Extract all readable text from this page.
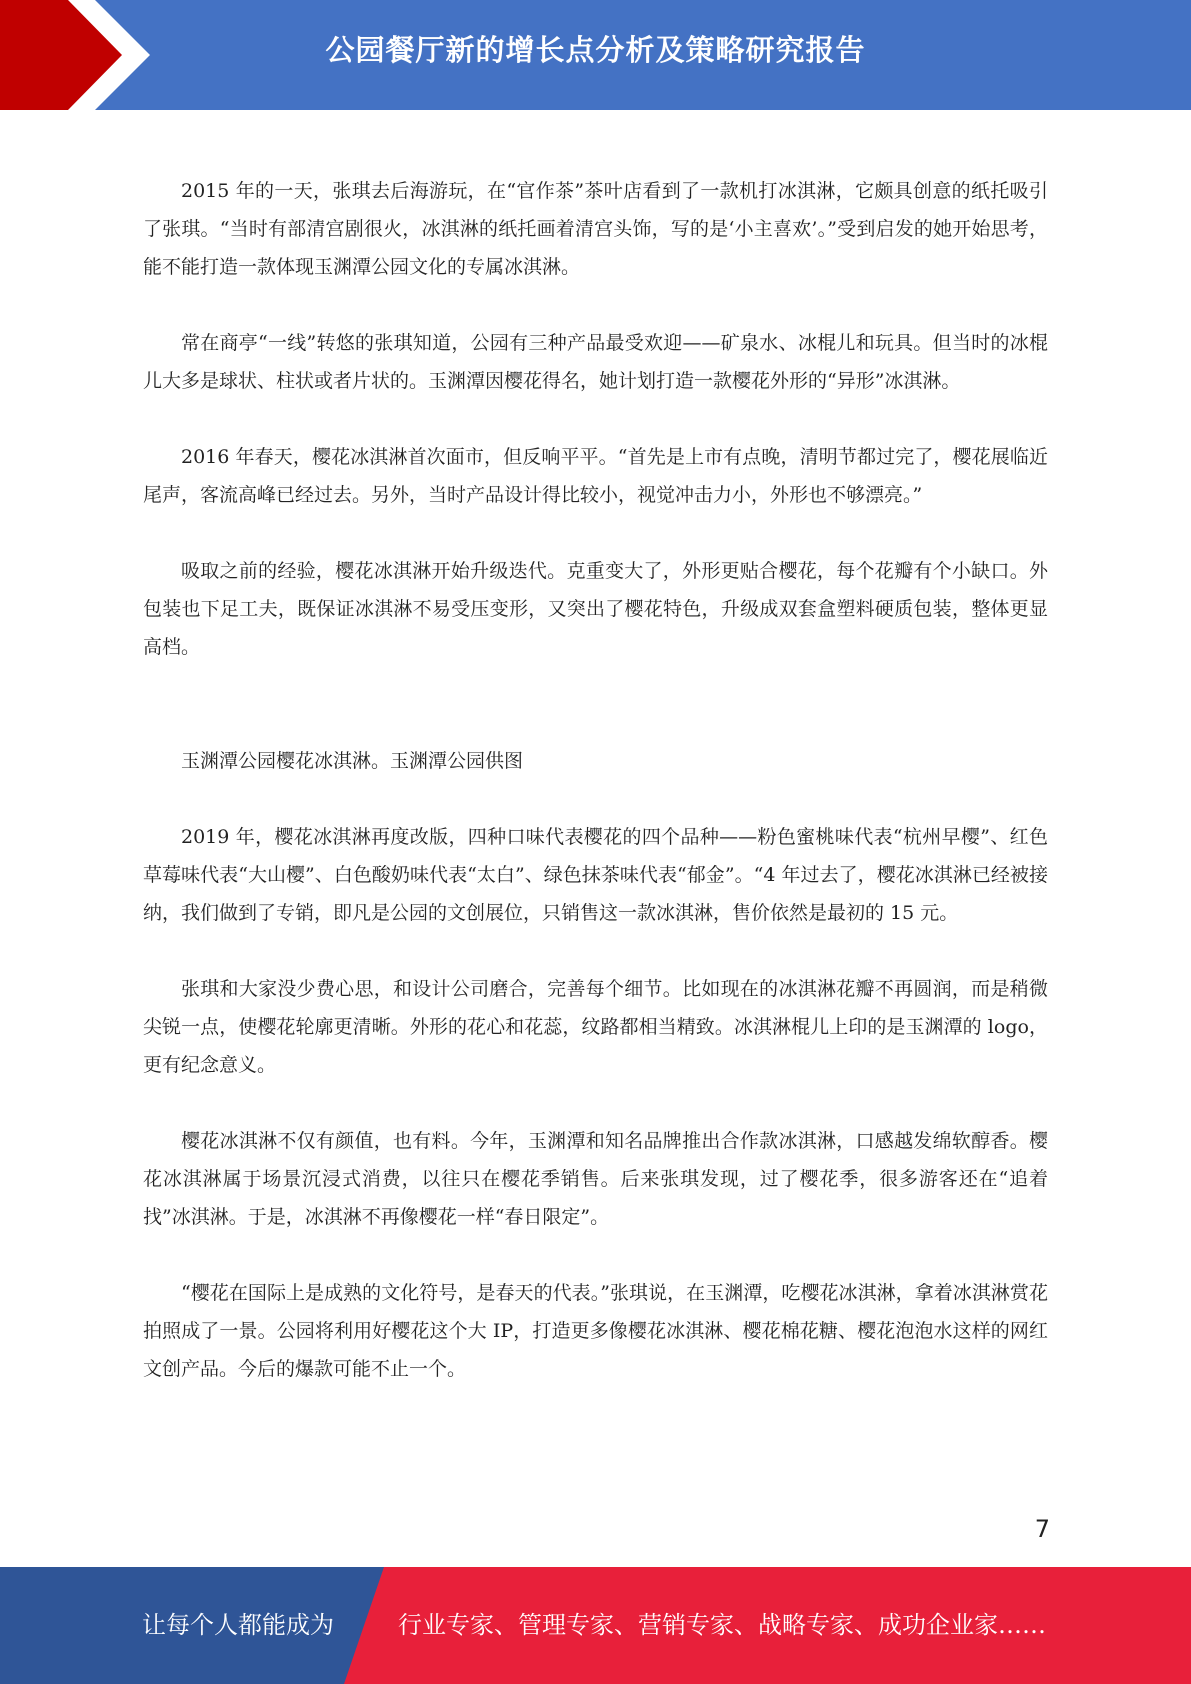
公园餐厅新的增长点分析及策略研究报告

2015 年的一天，张琪去后海游玩，在“官作茶”茶叶店看到了一款机打冰淇淋，它颇具创意的纸托吸引了张琪。“当时有部清宫剧很火，冰淇淋的纸托画着清宫头饰，写的是‘小主喜欢’。”受到启发的她开始思考，能不能打造一款体现玉渊潭公园文化的专属冰淇淋。

常在商亭“一线”转悠的张琪知道，公园有三种产品最受欢迎——矿泉水、冰棍儿和玩具。但当时的冰棍儿大多是球状、柱状或者片状的。玉渊潭因樱花得名，她计划打造一款樱花外形的“异形”冰淇淋。

2016 年春天，樱花冰淇淋首次面市，但反响平平。“首先是上市有点晚，清明节都过完了，樱花展临近尾声，客流高峰已经过去。另外，当时产品设计得比较小，视觉冲击力小，外形也不够漂亮。”

吸取之前的经验，樱花冰淇淋开始升级迭代。克重变大了，外形更贴合樱花，每个花瓣有个小缺口。外包装也下足工夫，既保证冰淇淋不易受压变形，又突出了樱花特色，升级成双套盒塑料硬质包装，整体更显高档。

玉渊潭公园樱花冰淇淋。玉渊潭公园供图

2019 年，樱花冰淇淋再度改版，四种口味代表樱花的四个品种——粉色蜜桃味代表“杭州早樱”、红色草莓味代表“大山樱”、白色酸奶味代表“太白”、绿色抹茶味代表“郁金”。“4 年过去了，樱花冰淇淋已经被接纳，我们做到了专销，即凡是公园的文创展位，只销售这一款冰淇淋，售价依然是最初的 15 元。

张琪和大家没少费心思，和设计公司磨合，完善每个细节。比如现在的冰淇淋花瓣不再圆润，而是稍微尖锐一点，使樱花轮廓更清晰。外形的花心和花蕊，纹路都相当精致。冰淇淋棍儿上印的是玉渊潭的 logo，更有纪念意义。

樱花冰淇淋不仅有颜值，也有料。今年，玉渊潭和知名品牌推出合作款冰淇淋，口感越发绵软醇香。樱花冰淇淋属于场景沉浸式消费，以往只在樱花季销售。后来张琪发现，过了樱花季，很多游客还在“追着找”冰淇淋。于是，冰淇淋不再像樱花一样“春日限定”。

“樱花在国际上是成熟的文化符号，是春天的代表。”张琪说，在玉渊潭，吃樱花冰淇淋，拿着冰淇淋赏花拍照成了一景。公园将利用好樱花这个大 IP，打造更多像樱花冰淇淋、樱花棉花糖、樱花泡泡水这样的网红文创产品。今后的爆款可能不止一个。

7
让每个人都能成为	行业专家、管理专家、营销专家、战略专家、成功企业家……
